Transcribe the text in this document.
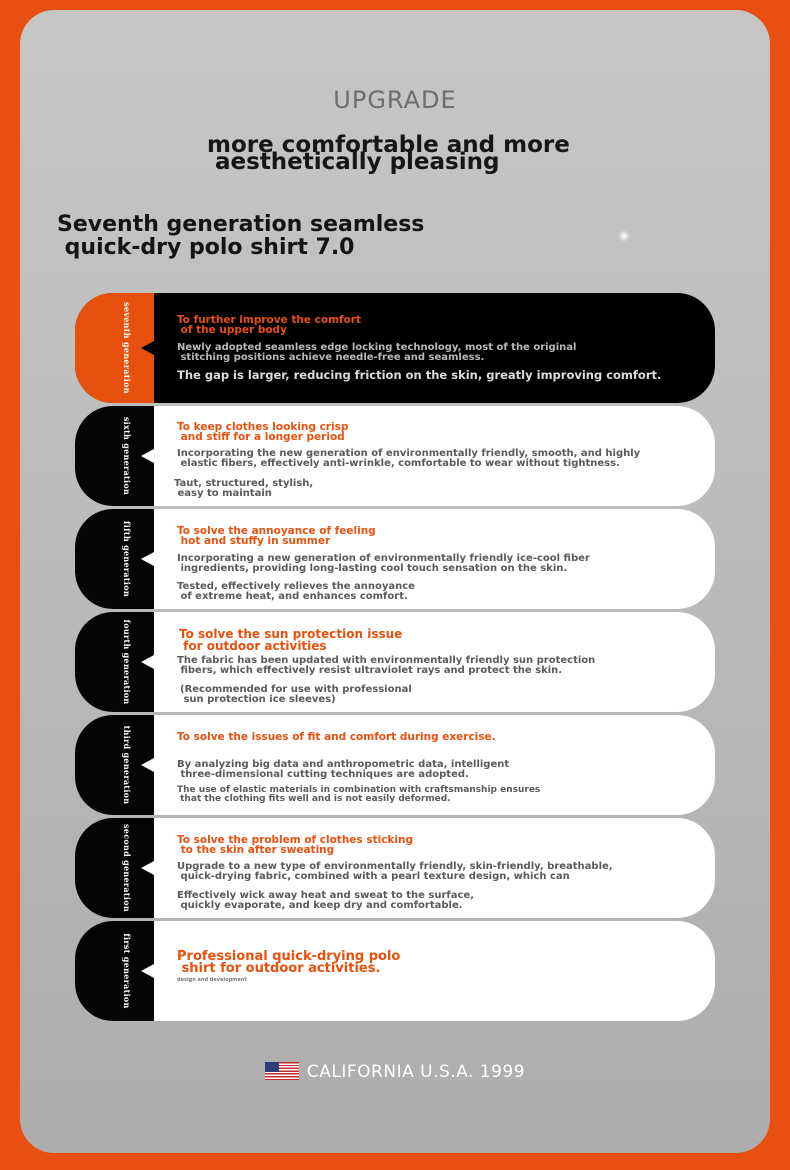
UPGRADE
more comfortable and more
aesthetically pleasing
Seventh generation seamless
quick-dry polo shirt 7.0
seventh generation	To further improve the comfort
of the upper body
Newly adopted seamless edge locking technology, most of the original
stitching positions achieve needle-free and seamless.
The gap is larger, reducing friction on the skin, greatly improving comfort.
sixth generation	To keep clothes looking crisp
and stiff for a longer period
Incorporating the new generation of environmentally friendly, smooth, and highly
elastic fibers, effectively anti-wrinkle, comfortable to wear without tightness.
Taut, structured, stylish,
easy to maintain
fifth generation	To solve the annoyance of feeling
hot and stuffy in summer
Incorporating a new generation of environmentally friendly ice-cool fiber
ingredients, providing long-lasting cool touch sensation on the skin.
Tested, effectively relieves the annoyance
of extreme heat, and enhances comfort.
fourth generation	To solve the sun protection issue
for outdoor activities
The fabric has been updated with environmentally friendly sun protection
fibers, which effectively resist ultraviolet rays and protect the skin.
(Recommended for use with professional
sun protection ice sleeves)
third generation	To solve the issues of fit and comfort during exercise.
By analyzing big data and anthropometric data, intelligent
three-dimensional cutting techniques are adopted.
The use of elastic materials in combination with craftsmanship ensures
that the clothing fits well and is not easily deformed.
second generation	To solve the problem of clothes sticking
to the skin after sweating
Upgrade to a new type of environmentally friendly, skin-friendly, breathable,
quick-drying fabric, combined with a pearl texture design, which can
Effectively wick away heat and sweat to the surface,
quickly evaporate, and keep dry and comfortable.
first generation	Professional quick-drying polo
shirt for outdoor activities.
design and development
CALIFORNIA U.S.A. 1999
